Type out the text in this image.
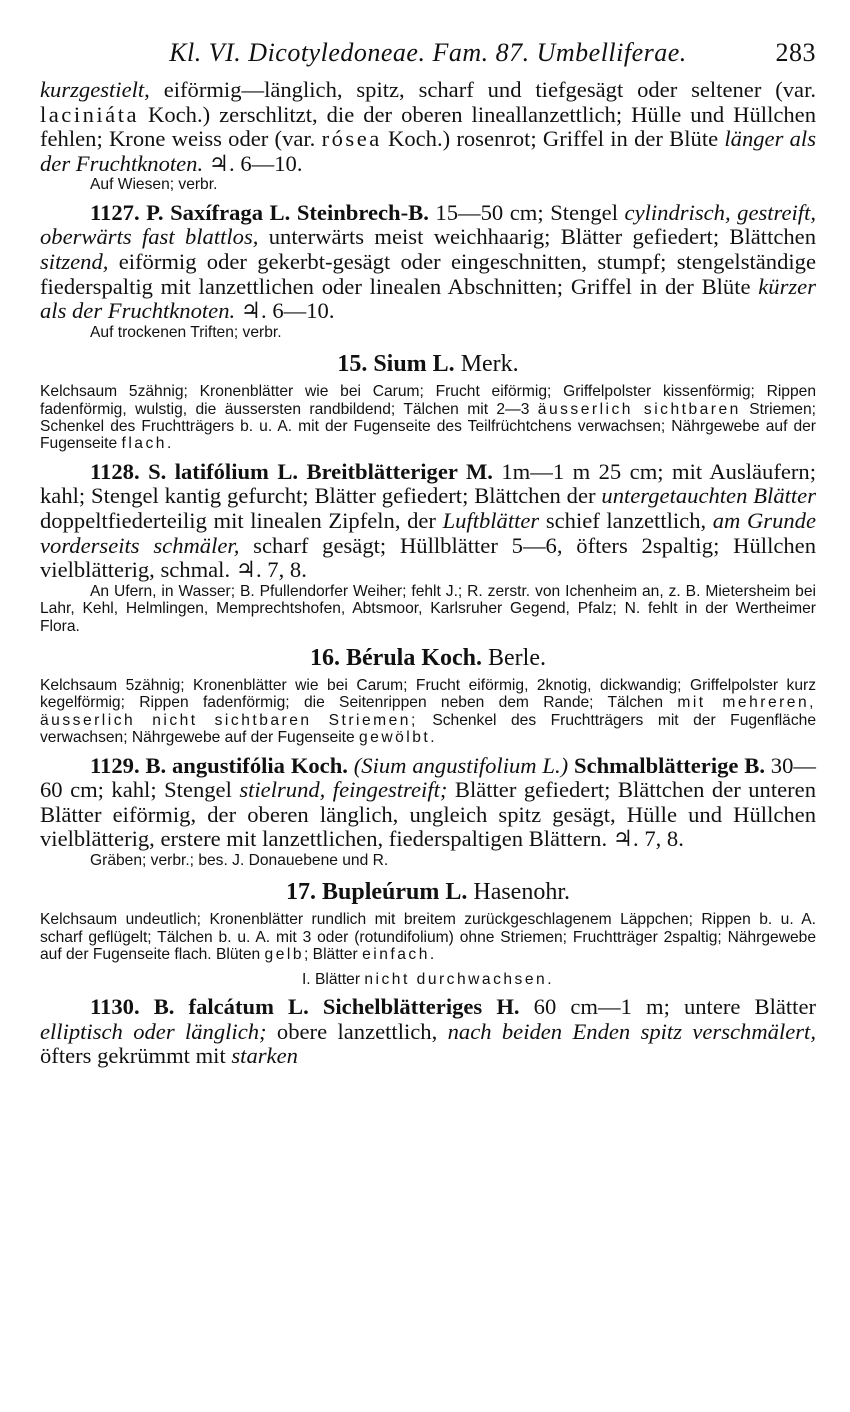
Kl. VI. Dicotyledoneae. Fam. 87. Umbelliferae.	283

kurzgestielt, eiförmig—länglich, spitz, scharf und tiefgesägt oder seltener (var. laciniáta Koch.) zerschlitzt, die der oberen lineallanzettlich; Hülle und Hüllchen fehlen; Krone weiss oder (var. rósea Koch.) rosenrot; Griffel in der Blüte länger als der Fruchtknoten. ♃. 6—10.

Auf Wiesen; verbr.

1127. P. Saxífraga L. Steinbrech-B. 15—50 cm; Stengel cylindrisch, gestreift, oberwärts fast blattlos, unterwärts meist weichhaarig; Blätter gefiedert; Blättchen sitzend, eiförmig oder gekerbt-gesägt oder eingeschnitten, stumpf; stengelständige fiederspaltig mit lanzettlichen oder linealen Abschnitten; Griffel in der Blüte kürzer als der Fruchtknoten. ♃. 6—10.

Auf trockenen Triften; verbr.

15. Sium L. Merk.

Kelchsaum 5zähnig; Kronenblätter wie bei Carum; Frucht eiförmig; Griffelpolster kissenförmig; Rippen fadenförmig, wulstig, die äussersten randbildend; Tälchen mit 2—3 äusserlich sichtbaren Striemen; Schenkel des Fruchtträgers b. u. A. mit der Fugenseite des Teilfrüchtchens verwachsen; Nährgewebe auf der Fugenseite flach.

1128. S. latifólium L. Breitblätteriger M. 1m—1 m 25 cm; mit Ausläufern; kahl; Stengel kantig gefurcht; Blätter gefiedert; Blättchen der untergetauchten Blätter doppeltfiederteilig mit linealen Zipfeln, der Luftblätter schief lanzettlich, am Grunde vorderseits schmäler, scharf gesägt; Hüllblätter 5—6, öfters 2spaltig; Hüllchen vielblätterig, schmal. ♃. 7, 8.

An Ufern, in Wasser; B. Pfullendorfer Weiher; fehlt J.; R. zerstr. von Ichenheim an, z. B. Mietersheim bei Lahr, Kehl, Helmlingen, Memprechtshofen, Abtsmoor, Karlsruher Gegend, Pfalz; N. fehlt in der Wertheimer Flora.

16. Bérula Koch. Berle.

Kelchsaum 5zähnig; Kronenblätter wie bei Carum; Frucht eiförmig, 2knotig, dickwandig; Griffelpolster kurz kegelförmig; Rippen fadenförmig; die Seitenrippen neben dem Rande; Tälchen mit mehreren, äusserlich nicht sichtbaren Striemen; Schenkel des Fruchtträgers mit der Fugenfläche verwachsen; Nährgewebe auf der Fugenseite gewölbt.

1129. B. angustifólia Koch. (Sium angustifolium L.) Schmalblätterige B. 30—60 cm; kahl; Stengel stielrund, feingestreift; Blätter gefiedert; Blättchen der unteren Blätter eiförmig, der oberen länglich, ungleich spitz gesägt, Hülle und Hüllchen vielblätterig, erstere mit lanzettlichen, fiederspaltigen Blättern. ♃. 7, 8.

Gräben; verbr.; bes. J. Donauebene und R.

17. Bupleúrum L. Hasenohr.

Kelchsaum undeutlich; Kronenblätter rundlich mit breitem zurückgeschlagenem Läppchen; Rippen b. u. A. scharf geflügelt; Tälchen b. u. A. mit 3 oder (rotundifolium) ohne Striemen; Fruchtträger 2spaltig; Nährgewebe auf der Fugenseite flach. Blüten gelb; Blätter einfach.

I. Blätter nicht durchwachsen.

1130. B. falcátum L. Sichelblätteriges H. 60 cm—1 m; untere Blätter elliptisch oder länglich; obere lanzettlich, nach beiden Enden spitz verschmälert, öfters gekrümmt mit starken
